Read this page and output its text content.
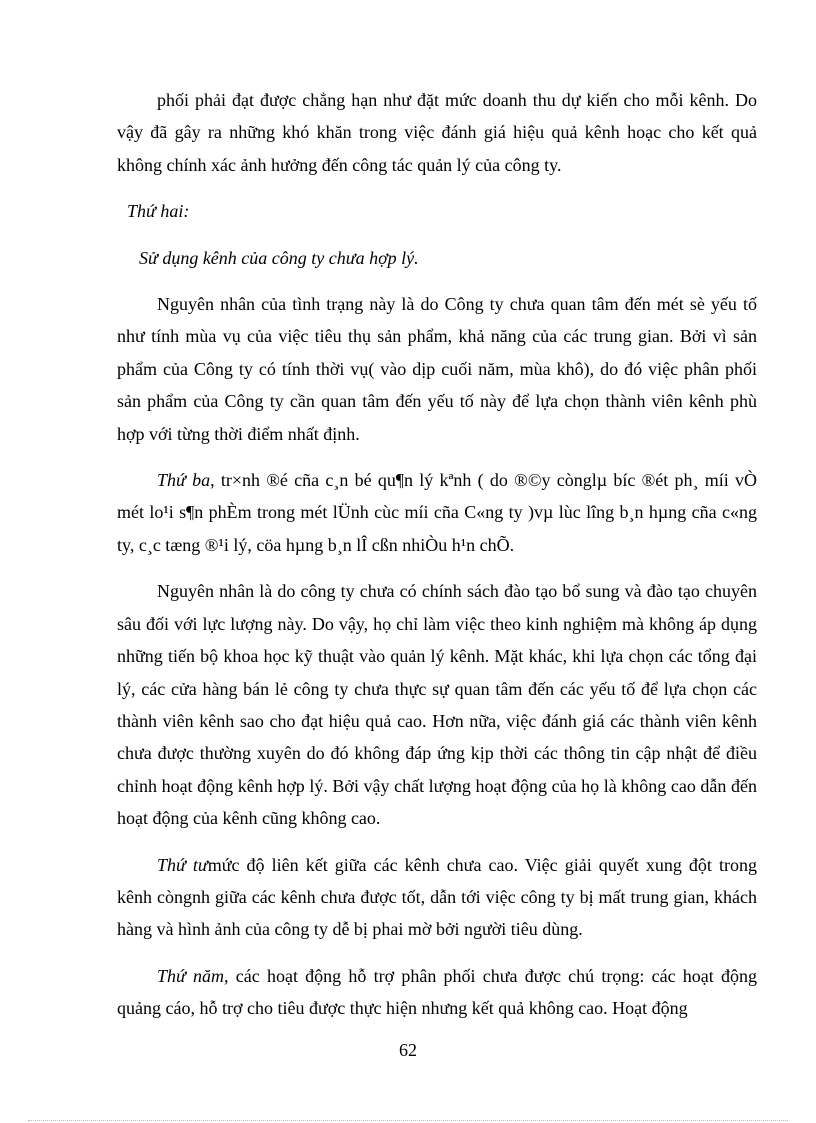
phối phải đạt được chẳng hạn như đặt mức doanh thu dự kiến cho mỗi kênh. Do vậy đã gây ra những khó khăn trong việc đánh giá hiệu quả kênh hoạc cho kết quả không chính xác ảnh hưởng đến công tác quản lý của công ty.

Thứ hai:

Sử dụng kênh của công ty chưa hợp lý.

Nguyên nhân của tình trạng này là do Công ty chưa quan tâm đến mét sè yếu tố như tính mùa vụ của việc tiêu thụ sản phẩm, khả năng của các trung gian. Bởi vì sản phẩm của Công ty có tính thời vụ( vào dịp cuối năm, mùa khô), do đó việc phân phối sản phẩm của Công ty cần quan tâm đến yếu tố này để lựa chọn thành viên kênh phù hợp với từng thời điểm nhất định.

Thứ ba, tr×nh ®é cña c¸n bé qu¶n lý kªnh ( do ®©y cònglµ bíc ®ét ph¸ míi vÒ mét lo¹i s¶n phÈm trong mét lÜnh cùc míi cña C«ng ty )vµ lùc lîng b¸n hµng cña c«ng ty, c¸c tæng ®¹i lý, cöa hµng b¸n lÎ cßn nhiÒu h¹n chÕ.

Nguyên nhân là do công ty chưa có chính sách đào tạo bổ sung và đào tạo chuyên sâu đối với lực lượng này. Do vậy, họ chỉ làm việc theo kinh nghiệm mà không áp dụng những tiến bộ khoa học kỹ thuật vào quản lý kênh. Mặt khác, khi lựa chọn các tổng đại lý, các cửa hàng bán lẻ công ty chưa thực sự quan tâm đến các yếu tố để lựa chọn các thành viên kênh sao cho đạt hiệu quả cao. Hơn nữa, việc đánh giá các thành viên kênh chưa được thường xuyên do đó không đáp ứng kịp thời các thông tin cập nhật để điều chỉnh hoạt động kênh hợp lý. Bởi vậy chất lượng hoạt động của họ là không cao dẫn đến hoạt động của kênh cũng không cao.

Thứ tưmức độ liên kết giữa các kênh chưa cao. Việc giải quyết xung đột trong kênh còngnh giữa các kênh chưa được tốt, dẫn tới việc công ty bị mất trung gian, khách hàng và hình ảnh của công ty dễ bị phai mờ bởi người tiêu dùng.

Thứ năm, các hoạt động hỗ trợ phân phối chưa được chú trọng: các hoạt động quảng cáo, hỗ trợ cho tiêu được thực hiện nhưng kết quả không cao. Hoạt động

62
